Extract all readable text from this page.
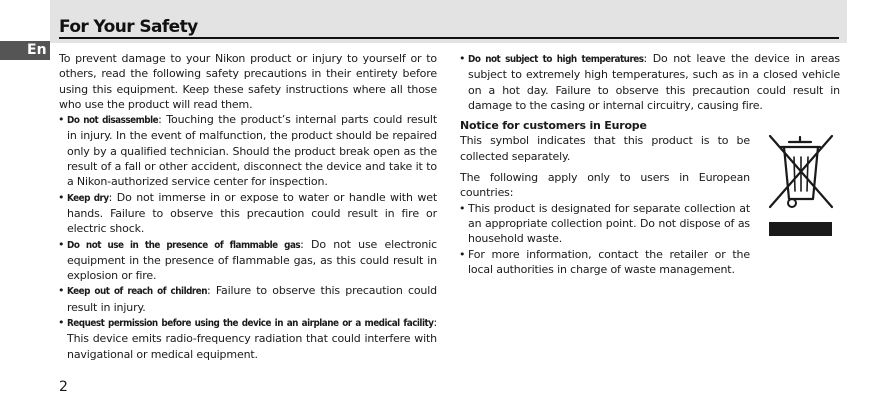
For Your Safety
En

To prevent damage to your Nikon product or injury to yourself or to others, read the following safety precautions in their entirety before using this equipment. Keep these safety instructions where all those who use the product will read them.

• Do not disassemble: Touching the product’s internal parts could result in injury. In the event of malfunction, the product should be repaired only by a qualified technician. Should the product break open as the result of a fall or other accident, disconnect the device and take it to a Nikon-authorized service center for inspection.

• Keep dry: Do not immerse in or expose to water or handle with wet hands. Failure to observe this precaution could result in fire or electric shock.

• Do not use in the presence of flammable gas: Do not use electronic equipment in the presence of flammable gas, as this could result in explosion or fire.

• Keep out of reach of children: Failure to observe this precaution could result in injury.

• Request permission before using the device in an airplane or a medical facility: This device emits radio-frequency radiation that could interfere with navigational or medical equipment.

• Do not subject to high temperatures: Do not leave the device in areas subject to extremely high temperatures, such as in a closed vehicle on a hot day. Failure to observe this precaution could result in damage to the casing or internal circuitry, causing fire.

Notice for customers in Europe

This symbol indicates that this product is to be collected separately.

The following apply only to users in European countries:

• This product is designated for separate collection at an appropriate collection point. Do not dispose of as household waste.

• For more information, contact the retailer or the local authorities in charge of waste management.

2
